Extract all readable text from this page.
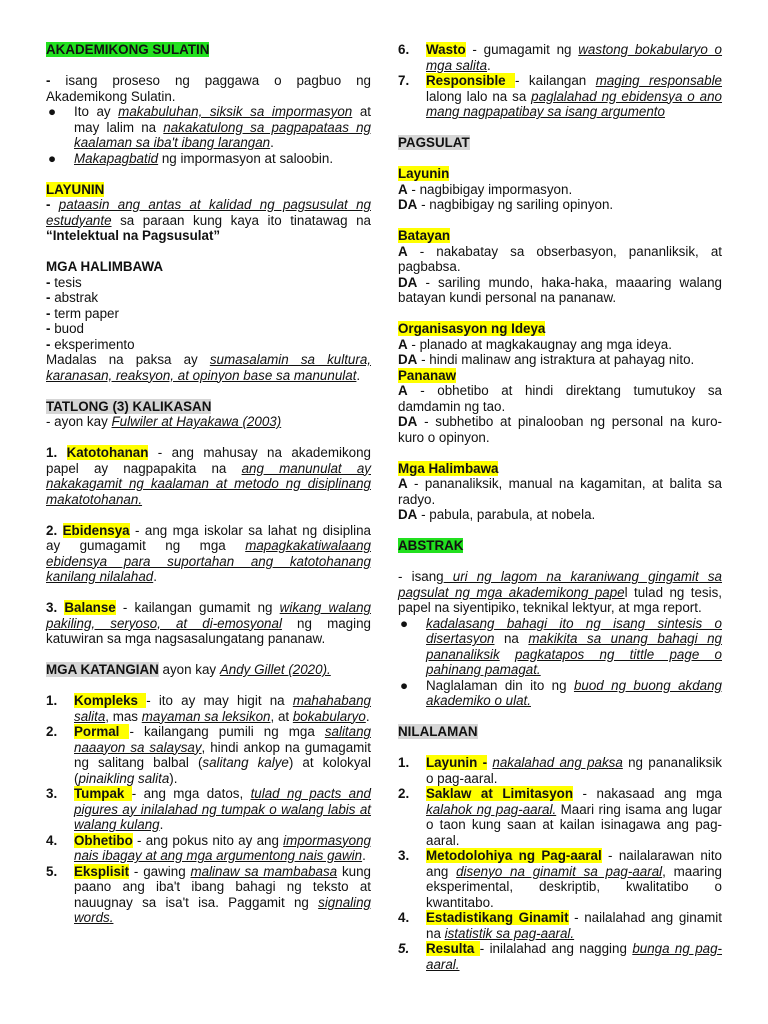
AKADEMIKONG SULATIN

- isang proseso ng paggawa o pagbuo ng Akademikong Sulatin.

● Ito ay makabuluhan, siksik sa impormasyon at may lalim na nakakatulong sa pagpapataas ng kaalaman sa iba't ibang larangan.
● Makapagbatid ng impormasyon at saloobin.

LAYUNIN

- pataasin ang antas at kalidad ng pagsusulat ng estudyante sa paraan kung kaya ito tinatawag na “Intelektual na Pagsusulat”

MGA HALIMBAWA

- tesis

- abstrak

- term paper

- buod

- eksperimento

Madalas na paksa ay sumasalamin sa kultura, karanasan, reaksyon, at opinyon base sa manunulat.

TATLONG (3) KALIKASAN

- ayon kay Fulwiler at Hayakawa (2003)

1. Katotohanan - ang mahusay na akademikong papel ay nagpapakita na ang manunulat ay nakakagamit ng kaalaman at metodo ng disiplinang makatotohanan.

2. Ebidensya - ang mga iskolar sa lahat ng disiplina ay gumagamit ng mga mapagkakatiwalaang ebidensya para suportahan ang katotohanang kanilang nilalahad.

3. Balanse - kailangan gumamit ng wikang walang pakiling, seryoso, at di-emosyonal ng maging katuwiran sa mga nagsasalungatang pananaw.

MGA KATANGIAN ayon kay Andy Gillet (2020).

1. Kompleks - ito ay may higit na mahahabang salita, mas mayaman sa leksikon, at bokabularyo.
2. Pormal - kailangang pumili ng mga salitang naaayon sa salaysay, hindi ankop na gumagamit ng salitang balbal (salitang kalye) at kolokyal (pinaikling salita).
3. Tumpak - ang mga datos, tulad ng pacts and pigures ay inilalahad ng tumpak o walang labis at walang kulang.
4. Obhetibo - ang pokus nito ay ang impormasyong nais ibagay at ang mga argumentong nais gawin.
5. Eksplisit - gawing malinaw sa mambabasa kung paano ang iba't ibang bahagi ng teksto at nauugnay sa isa't isa. Paggamit ng signaling words.
6. Wasto - gumagamit ng wastong bokabularyo o mga salita.
7. Responsible - kailangan maging responsable lalong lalo na sa paglalahad ng ebidensya o ano mang nagpapatibay sa isang argumento

PAGSULAT

Layunin

A - nagbibigay impormasyon.

DA - nagbibigay ng sariling opinyon.

Batayan

A - nakabatay sa obserbasyon, pananliksik, at pagbabsa.

DA - sariling mundo, haka-haka, maaaring walang batayan kundi personal na pananaw.

Organisasyon ng Ideya

A - planado at magkakaugnay ang mga ideya.

DA - hindi malinaw ang istraktura at pahayag nito.

Pananaw

A - obhetibo at hindi direktang tumutukoy sa damdamin ng tao.

DA - subhetibo at pinalooban ng personal na kuro-kuro o opinyon.

Mga Halimbawa

A - pananaliksik, manual na kagamitan, at balita sa radyo.

DA - pabula, parabula, at nobela.

ABSTRAK

- isang uri ng lagom na karaniwang gingamit sa pagsulat ng mga akademikong papel tulad ng tesis, papel na siyentipiko, teknikal lektyur, at mga report.

● kadalasang bahagi ito ng isang sintesis o disertasyon na makikita sa unang bahagi ng pananaliksik pagkatapos ng tittle page o pahinang pamagat.
● Naglalaman din ito ng buod ng buong akdang akademiko o ulat.

NILALAMAN

1. Layunin - nakalahad ang paksa ng pananaliksik o pag-aaral.
2. Saklaw at Limitasyon - nakasaad ang mga kalahok ng pag-aaral. Maari ring isama ang lugar o taon kung saan at kailan isinagawa ang pag-aaral.
3. Metodolohiya ng Pag-aaral - nailalarawan nito ang disenyo na ginamit sa pag-aaral, maaring eksperimental, deskriptib, kwalitatibo o kwantitabo.
4. Estadistikang Ginamit - nailalahad ang ginamit na istatistik sa pag-aaral.
5. Resulta - inilalahad ang nagging bunga ng pag-aaral.
